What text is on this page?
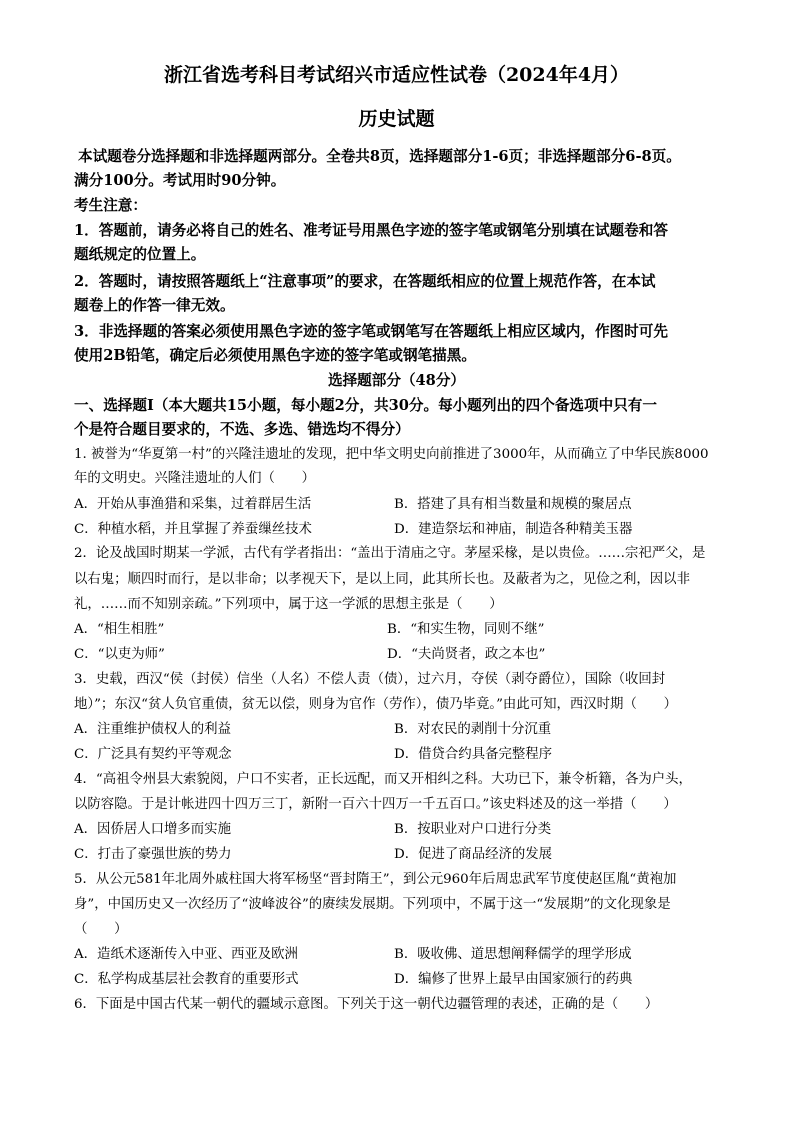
浙江省选考科目考试绍兴市适应性试卷（2024年4月）
历史试题
本试题卷分选择题和非选择题两部分。全卷共8页，选择题部分1-6页；非选择题部分6-8页。
满分100分。考试用时90分钟。
考生注意：
1．答题前，请务必将自己的姓名、准考证号用黑色字迹的签字笔或钢笔分别填在试题卷和答
题纸规定的位置上。
2．答题时，请按照答题纸上“注意事项”的要求，在答题纸相应的位置上规范作答，在本试
题卷上的作答一律无效。
3．非选择题的答案必须使用黑色字迹的签字笔或钢笔写在答题纸上相应区域内，作图时可先
使用2B铅笔，确定后必须使用黑色字迹的签字笔或钢笔描黑。
选择题部分（48分）
一、选择题Ⅰ（本大题共15小题，每小题2分，共30分。每小题列出的四个备选项中只有一
个是符合题目要求的，不选、多选、错选均不得分）
1. 被誉为“华夏第一村”的兴隆洼遗址的发现，把中华文明史向前推进了3000年，从而确立了中华民族8000
年的文明史。兴隆洼遗址的人们（　　）
A．开始从事渔猎和采集，过着群居生活	B．搭建了具有相当数量和规模的聚居点
C．种植水稻，并且掌握了养蚕缫丝技术	D．建造祭坛和神庙，制造各种精美玉器
2．论及战国时期某一学派，古代有学者指出：“盖出于清庙之守。茅屋采椽，是以贵俭。……宗祀严父，是
以右鬼；顺四时而行，是以非命；以孝视天下，是以上同，此其所长也。及蔽者为之，见俭之利，因以非
礼，……而不知别亲疏。”下列项中，属于这一学派的思想主张是（　　）
A．“相生相胜”	B．“和实生物，同则不继”
C．“以吏为师”	D．“夫尚贤者，政之本也”
3．史载，西汉“侯（封侯）信坐（人名）不偿人责（债），过六月，夺侯（剥夺爵位），国除（收回封
地）”；东汉“贫人负官重债，贫无以偿，则身为官作（劳作），债乃毕竟。”由此可知，西汉时期（　　）
A．注重维护债权人的利益	B．对农民的剥削十分沉重
C．广泛具有契约平等观念	D．借贷合约具备完整程序
4．“高祖令州县大索貌阅，户口不实者，正长远配，而又开相纠之科。大功已下，兼令析籍，各为户头，
以防容隐。于是计帐进四十四万三丁，新附一百六十四万一千五百口。”该史料述及的这一举措（　　）
A．因侨居人口增多而实施	B．按职业对户口进行分类
C．打击了豪强世族的势力	D．促进了商品经济的发展
5．从公元581年北周外戚柱国大将军杨坚“晋封隋王”，到公元960年后周忠武军节度使赵匡胤“黄袍加
身”，中国历史又一次经历了“波峰波谷”的赓续发展期。下列项中，不属于这一“发展期”的文化现象是
（　　）
A．造纸术逐渐传入中亚、西亚及欧洲	B．吸收佛、道思想阐释儒学的理学形成
C．私学构成基层社会教育的重要形式	D．编修了世界上最早由国家颁行的药典
6．下面是中国古代某一朝代的疆域示意图。下列关于这一朝代边疆管理的表述，正确的是（　　）
